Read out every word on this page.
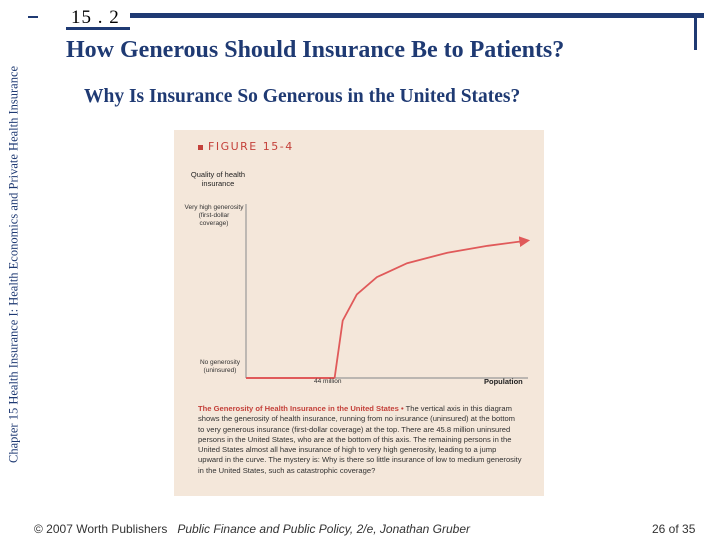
Chapter 15 Health Insurance I: Health Economics and Private Health Insurance
15 . 2
How Generous Should Insurance Be to Patients?
Why Is Insurance So Generous in the United States?
FIGURE 15-4
Quality of health insurance
Very high generosity (first-dollar coverage)
No generosity (uninsured)
44 million	Population
The Generosity of Health Insurance in the United States • The vertical axis in this diagram shows the generosity of health insurance, running from no insurance (uninsured) at the bottom to very generous insurance (first-dollar coverage) at the top. There are 45.8 million uninsured persons in the United States, who are at the bottom of this axis. The remaining persons in the United States almost all have insurance of high to very high generosity, leading to a jump upward in the curve. The mystery is: Why is there so little insurance of low to medium generosity in the United States, such as catastrophic coverage?
© 2007 Worth Publishers Public Finance and Public Policy, 2/e, Jonathan Gruber	26 of 35
